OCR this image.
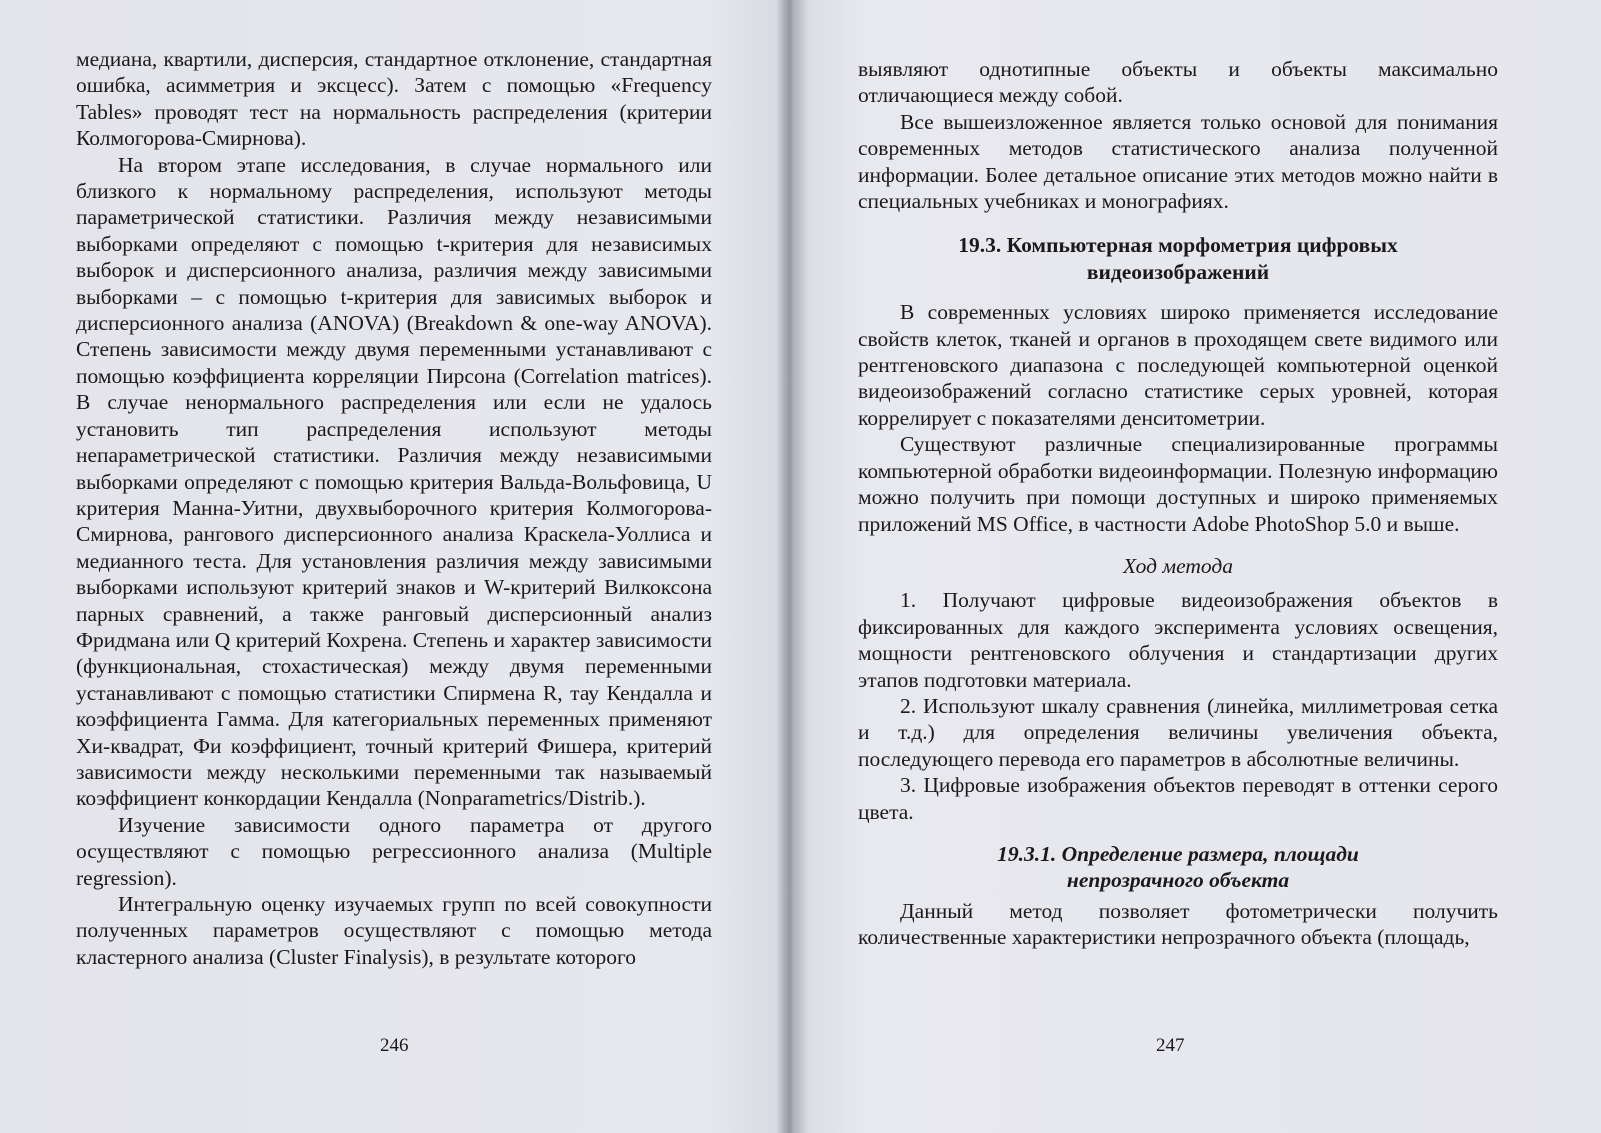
медиана, квартили, дисперсия, стандартное отклонение, стандартная ошибка, асимметрия и эксцесс). Затем с помощью «Frequency Tables» проводят тест на нормальность распределения (критерии Колмогорова-Смирнова).

На втором этапе исследования, в случае нормального или близкого к нормальному распределения, используют методы параметрической статистики. Различия между независимыми выборками определяют с помощью t-критерия для независимых выборок и дисперсионного анализа, различия между зависимыми выборками – с помощью t-критерия для зависимых выборок и дисперсионного анализа (ANOVA) (Breakdown & one-way ANOVA). Степень зависимости между двумя переменными устанавливают с помощью коэффициента корреляции Пирсона (Correlation matrices). В случае ненормального распределения или если не удалось установить тип распределения используют методы непараметрической статистики. Различия между независимыми выборками определяют с помощью критерия Вальда-Вольфовица, U критерия Манна-Уитни, двухвыборочного критерия Колмогорова-Смирнова, рангового дисперсионного анализа Краскела-Уоллиса и медианного теста. Для установления различия между зависимыми выборками используют критерий знаков и W-критерий Вилкоксона парных сравнений, а также ранговый дисперсионный анализ Фридмана или Q критерий Кохрена. Степень и характер зависимости (функциональная, стохастическая) между двумя переменными устанавливают с помощью статистики Спирмена R, тау Кендалла и коэффициента Гамма. Для категориальных переменных применяют Хи-квадрат, Фи коэффициент, точный критерий Фишера, критерий зависимости между несколькими переменными так называемый коэффициент конкордации Кендалла (Nonparametrics/Distrib.).

Изучение зависимости одного параметра от другого осуществляют с помощью регрессионного анализа (Multiple regression).

Интегральную оценку изучаемых групп по всей совокупности полученных параметров осуществляют с помощью метода кластерного анализа (Cluster Finalysis), в результате которого

246

выявляют однотипные объекты и объекты максимально отличающиеся между собой.

Все вышеизложенное является только основой для понимания современных методов статистического анализа полученной информации. Более детальное описание этих методов можно найти в специальных учебниках и монографиях.

19.3. Компьютерная морфометрия цифровых видеоизображений

В современных условиях широко применяется исследование свойств клеток, тканей и органов в проходящем свете видимого или рентгеновского диапазона с последующей компьютерной оценкой видеоизображений согласно статистике серых уровней, которая коррелирует с показателями денситометрии.

Существуют различные специализированные программы компьютерной обработки видеоинформации. Полезную информацию можно получить при помощи доступных и широко применяемых приложений MS Office, в частности Adobe PhotoShop 5.0 и выше.

Ход метода

1. Получают цифровые видеоизображения объектов в фиксированных для каждого эксперимента условиях освещения, мощности рентгеновского облучения и стандартизации других этапов подготовки материала.

2. Используют шкалу сравнения (линейка, миллиметровая сетка и т.д.) для определения величины увеличения объекта, последующего перевода его параметров в абсолютные величины.

3. Цифровые изображения объектов переводят в оттенки серого цвета.

19.3.1. Определение размера, площади непрозрачного объекта

Данный метод позволяет фотометрически получить количественные характеристики непрозрачного объекта (площадь,

247
